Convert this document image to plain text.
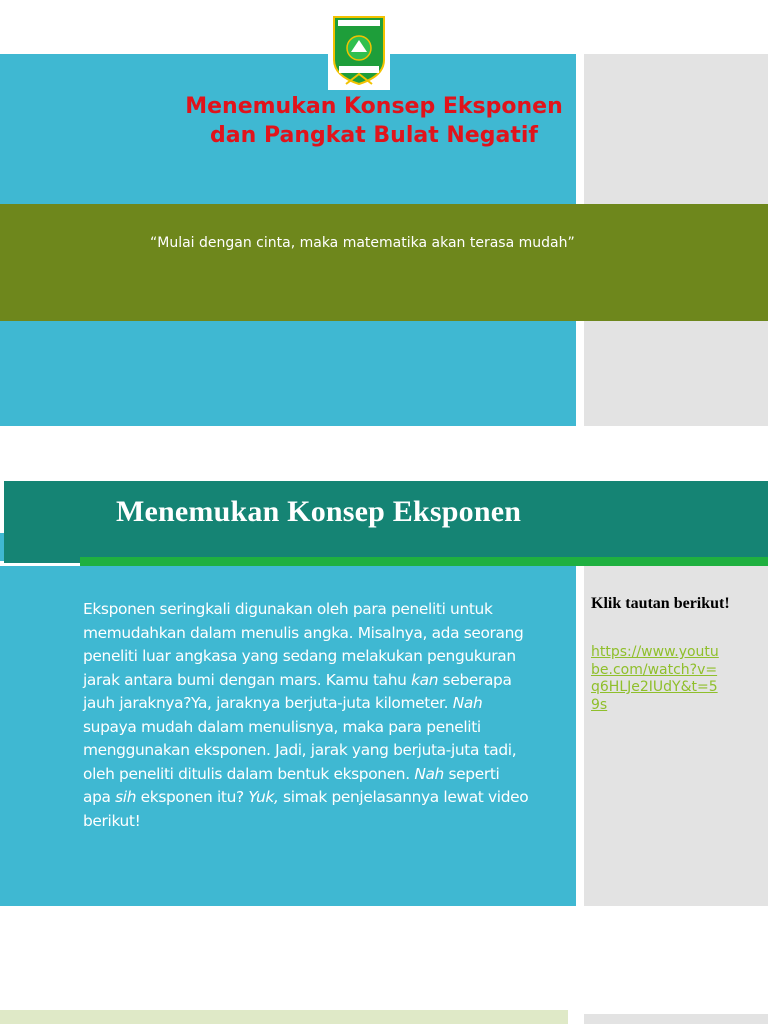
Menemukan Konsep Eksponen
dan Pangkat Bulat Negatif

“Mulai dengan cinta, maka matematika akan terasa mudah”

Menemukan Konsep Eksponen

Eksponen seringkali digunakan oleh para peneliti untuk memudahkan dalam menulis angka. Misalnya, ada seorang peneliti luar angkasa yang sedang melakukan pengukuran jarak antara bumi dengan mars. Kamu tahu kan seberapa jauh jaraknya?Ya, jaraknya berjuta-juta kilometer. Nah supaya mudah dalam menulisnya, maka para peneliti menggunakan eksponen. Jadi, jarak yang berjuta-juta tadi, oleh peneliti ditulis dalam bentuk eksponen. Nah seperti apa sih eksponen itu? Yuk, simak penjelasannya lewat video berikut!

Klik tautan berikut!

https://www.youtube.com/watch?v=q6HLJe2IUdY&t=59s
